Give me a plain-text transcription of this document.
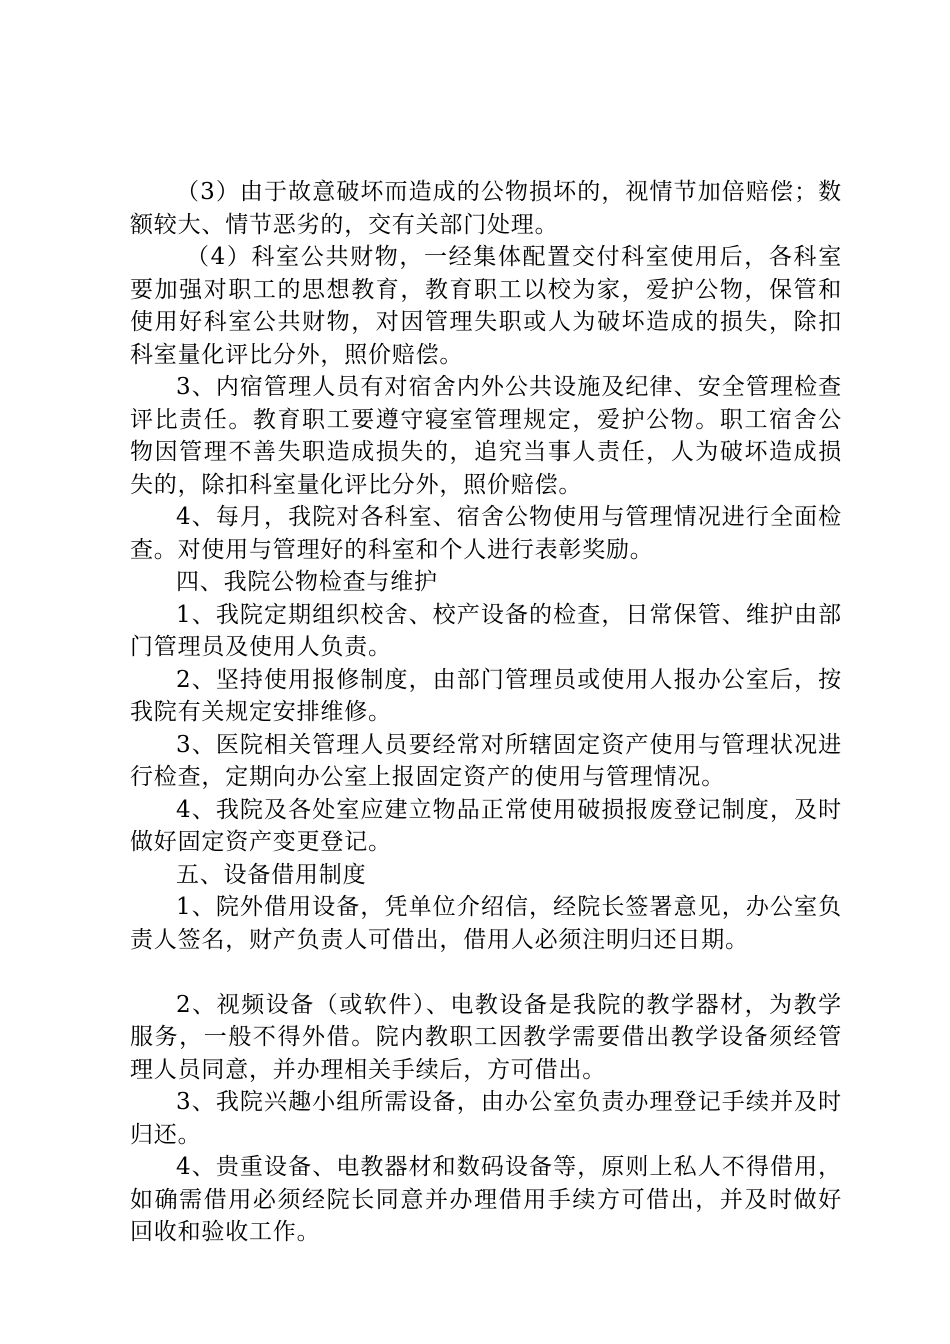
（3）由于故意破坏而造成的公物损坏的，视情节加倍赔偿；数额较大、情节恶劣的，交有关部门处理。

（4）科室公共财物，一经集体配置交付科室使用后，各科室要加强对职工的思想教育，教育职工以校为家，爱护公物，保管和使用好科室公共财物，对因管理失职或人为破坏造成的损失，除扣科室量化评比分外，照价赔偿。

3、内宿管理人员有对宿舍内外公共设施及纪律、安全管理检查评比责任。教育职工要遵守寝室管理规定，爱护公物。职工宿舍公物因管理不善失职造成损失的，追究当事人责任，人为破坏造成损失的，除扣科室量化评比分外，照价赔偿。

4、每月，我院对各科室、宿舍公物使用与管理情况进行全面检查。对使用与管理好的科室和个人进行表彰奖励。

四、我院公物检查与维护

1、我院定期组织校舍、校产设备的检查，日常保管、维护由部门管理员及使用人负责。

2、坚持使用报修制度，由部门管理员或使用人报办公室后，按我院有关规定安排维修。

3、医院相关管理人员要经常对所辖固定资产使用与管理状况进行检查，定期向办公室上报固定资产的使用与管理情况。

4、我院及各处室应建立物品正常使用破损报废登记制度，及时做好固定资产变更登记。

五、设备借用制度

1、院外借用设备，凭单位介绍信，经院长签署意见，办公室负责人签名，财产负责人可借出，借用人必须注明归还日期。

2、视频设备（或软件）、电教设备是我院的教学器材，为教学服务，一般不得外借。院内教职工因教学需要借出教学设备须经管理人员同意，并办理相关手续后，方可借出。

3、我院兴趣小组所需设备，由办公室负责办理登记手续并及时归还。

4、贵重设备、电教器材和数码设备等，原则上私人不得借用，如确需借用必须经院长同意并办理借用手续方可借出，并及时做好回收和验收工作。
